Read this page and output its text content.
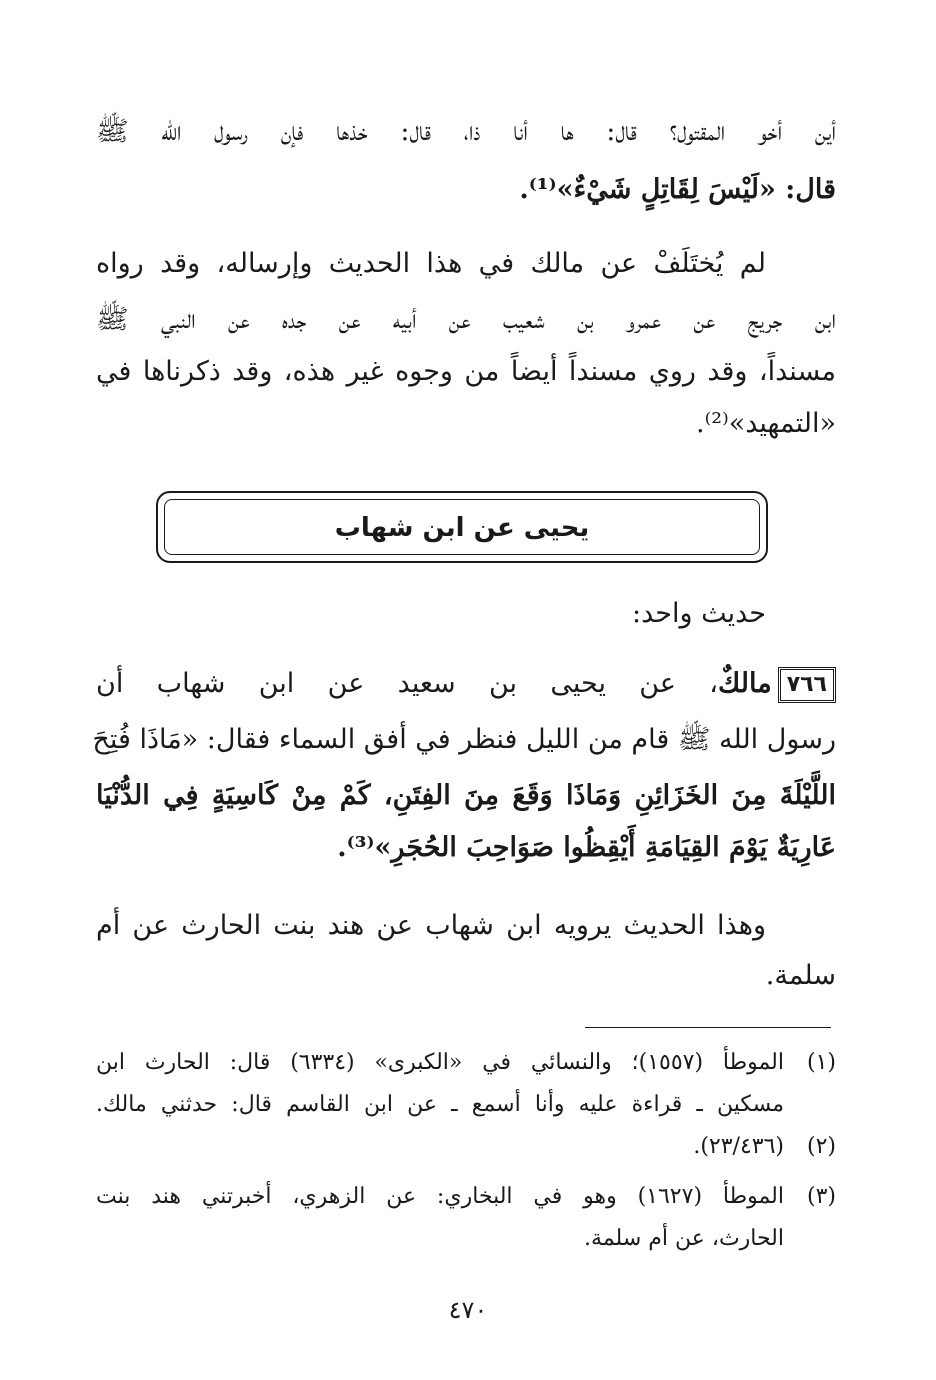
أين أخو المقتول؟ قال: ها أنا ذا، قال: خذها فإن رسول الله ﷺ
قال: «لَيْسَ لِقَاتِلٍ شَيْءٌ»⁽¹⁾.
لم يُختَلَفْ عن مالك في هذا الحديث وإرساله، وقد رواه
ابن جريج عن عمرو بن شعيب عن أبيه عن جده عن النبي ﷺ
مسنداً، وقد روي مسنداً أيضاً من وجوه غير هذه، وقد ذكرناها في
«التمهيد»⁽²⁾.
يحيى عن ابن شهاب
حديث واحد:
٧٦٦مالكٌ، عن يحيى بن سعيد عن ابن شهاب أن
رسول الله ﷺ قام من الليل فنظر في أفق السماء فقال: «مَاذَا فُتِحَ
اللَّيْلَةَ مِنَ الخَزَائِنِ وَمَاذَا وَقَعَ مِنَ الفِتَنِ، كَمْ مِنْ كَاسِيَةٍ فِي الدُّنْيَا
عَارِيَةٌ يَوْمَ القِيَامَةِ أَيْقِظُوا صَوَاحِبَ الحُجَرِ»⁽³⁾.
وهذا الحديث يرويه ابن شهاب عن هند بنت الحارث عن أم
سلمة.
(١)الموطأ (١٥٥٧)؛ والنسائي في «الكبرى» (٦٣٣٤) قال: الحارث ابن
مسكين ـ قراءة عليه وأنا أسمع ـ عن ابن القاسم قال: حدثني مالك.
(٢)(٢٣/٤٣٦).
(٣)الموطأ (١٦٢٧) وهو في البخاري: عن الزهري، أخبرتني هند بنت
الحارث، عن أم سلمة.
٤٧٠
